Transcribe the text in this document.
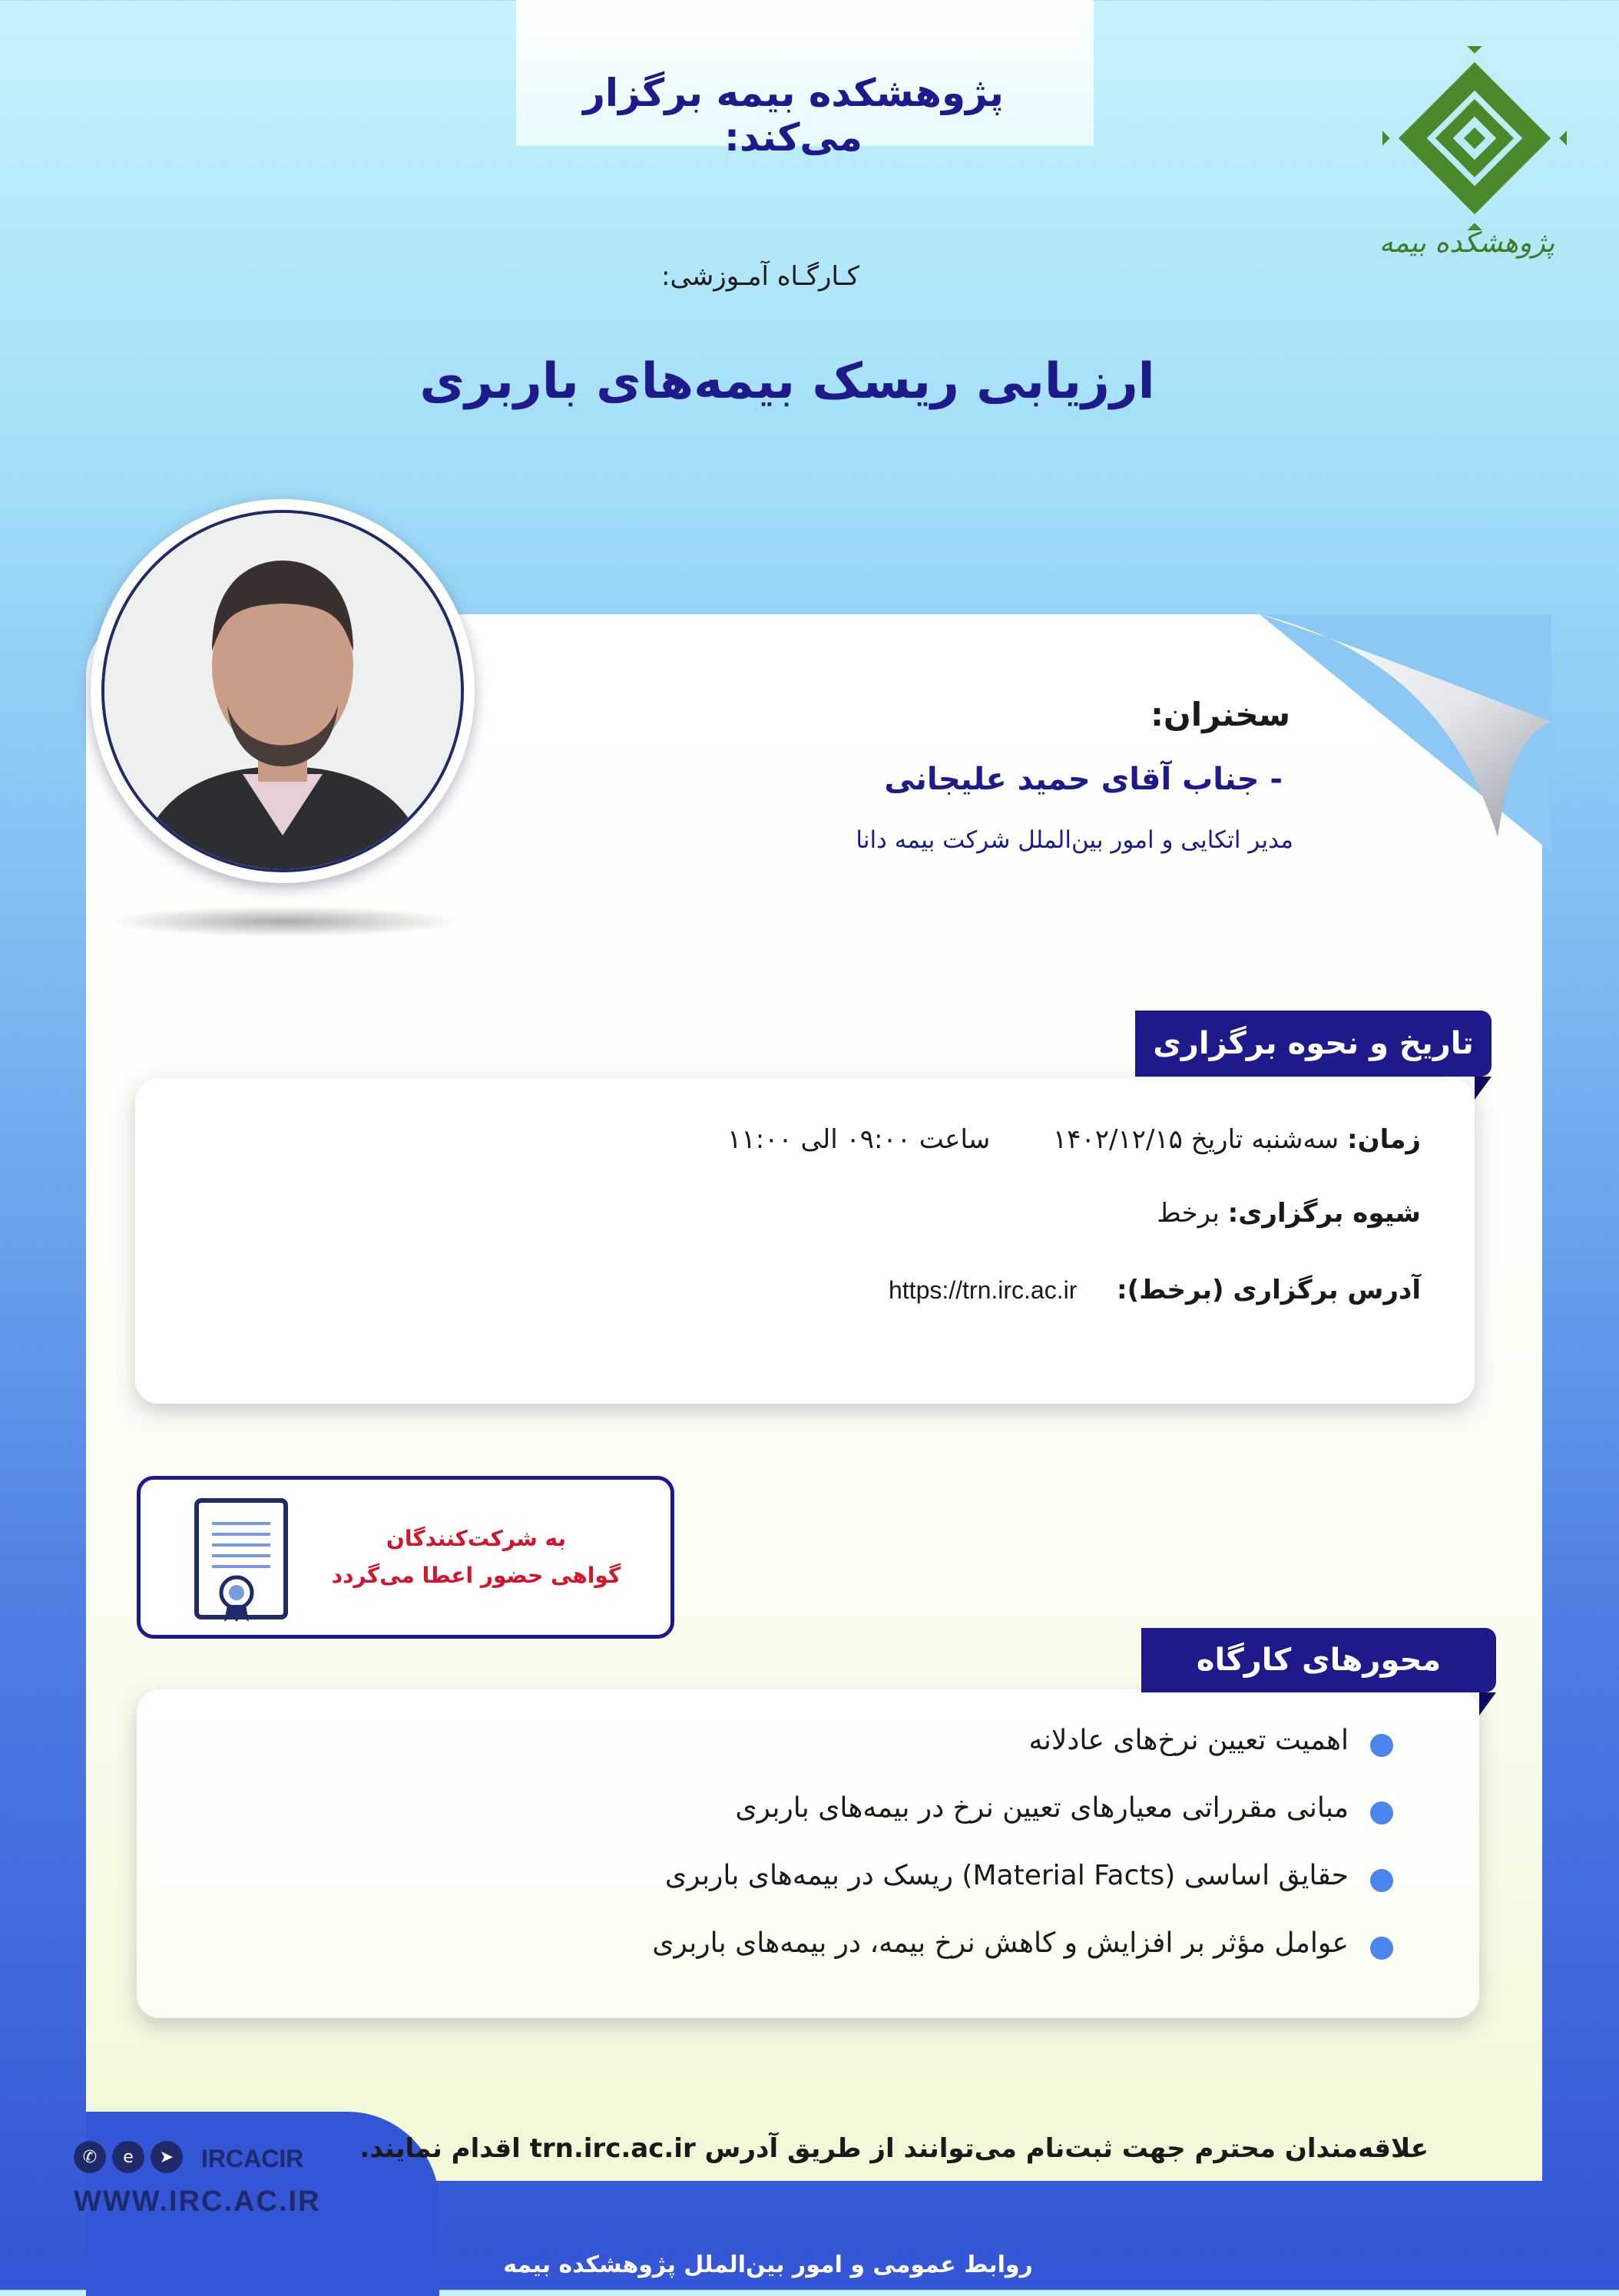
پژوهشکده بیمه برگزار می‌کند:
پژوهشکده بیمه
کـارگـاه آمـوزشی:
ارزیابی ریسک بیمه‌های باربری
سخنران:
- جناب آقای حمید علیجانی
مدیر اتکایی و امور بین‌الملل شرکت بیمه دانا
تاریخ و نحوه برگزاری
زمان: سه‌شنبه تاریخ ۱۴۰۲/۱۲/۱۵  ساعت ۰۹:۰۰ الی ۱۱:۰۰
شیوه برگزاری: برخط
آدرس برگزاری (برخط):  https://trn.irc.ac.ir
به شرکت‌کنندگان
گواهی حضور اعطا می‌گردد
محورهای کارگاه
اهمیت تعیین نرخ‌های عادلانه
مبانی مقرراتی معیارهای تعیین نرخ در بیمه‌های باربری
حقایق اساسی (Material Facts) ریسک در بیمه‌های باربری
عوامل مؤثر بر افزایش و کاهش نرخ بیمه، در بیمه‌های باربری
علاقه‌مندان محترم جهت ثبت‌نام می‌توانند از طریق آدرس trn.irc.ac.ir اقدام نمایند.
✆	e	➤	IRCACIR
WWW.IRC.AC.IR
روابط عمومی و امور بین‌الملل پژوهشکده بیمه
